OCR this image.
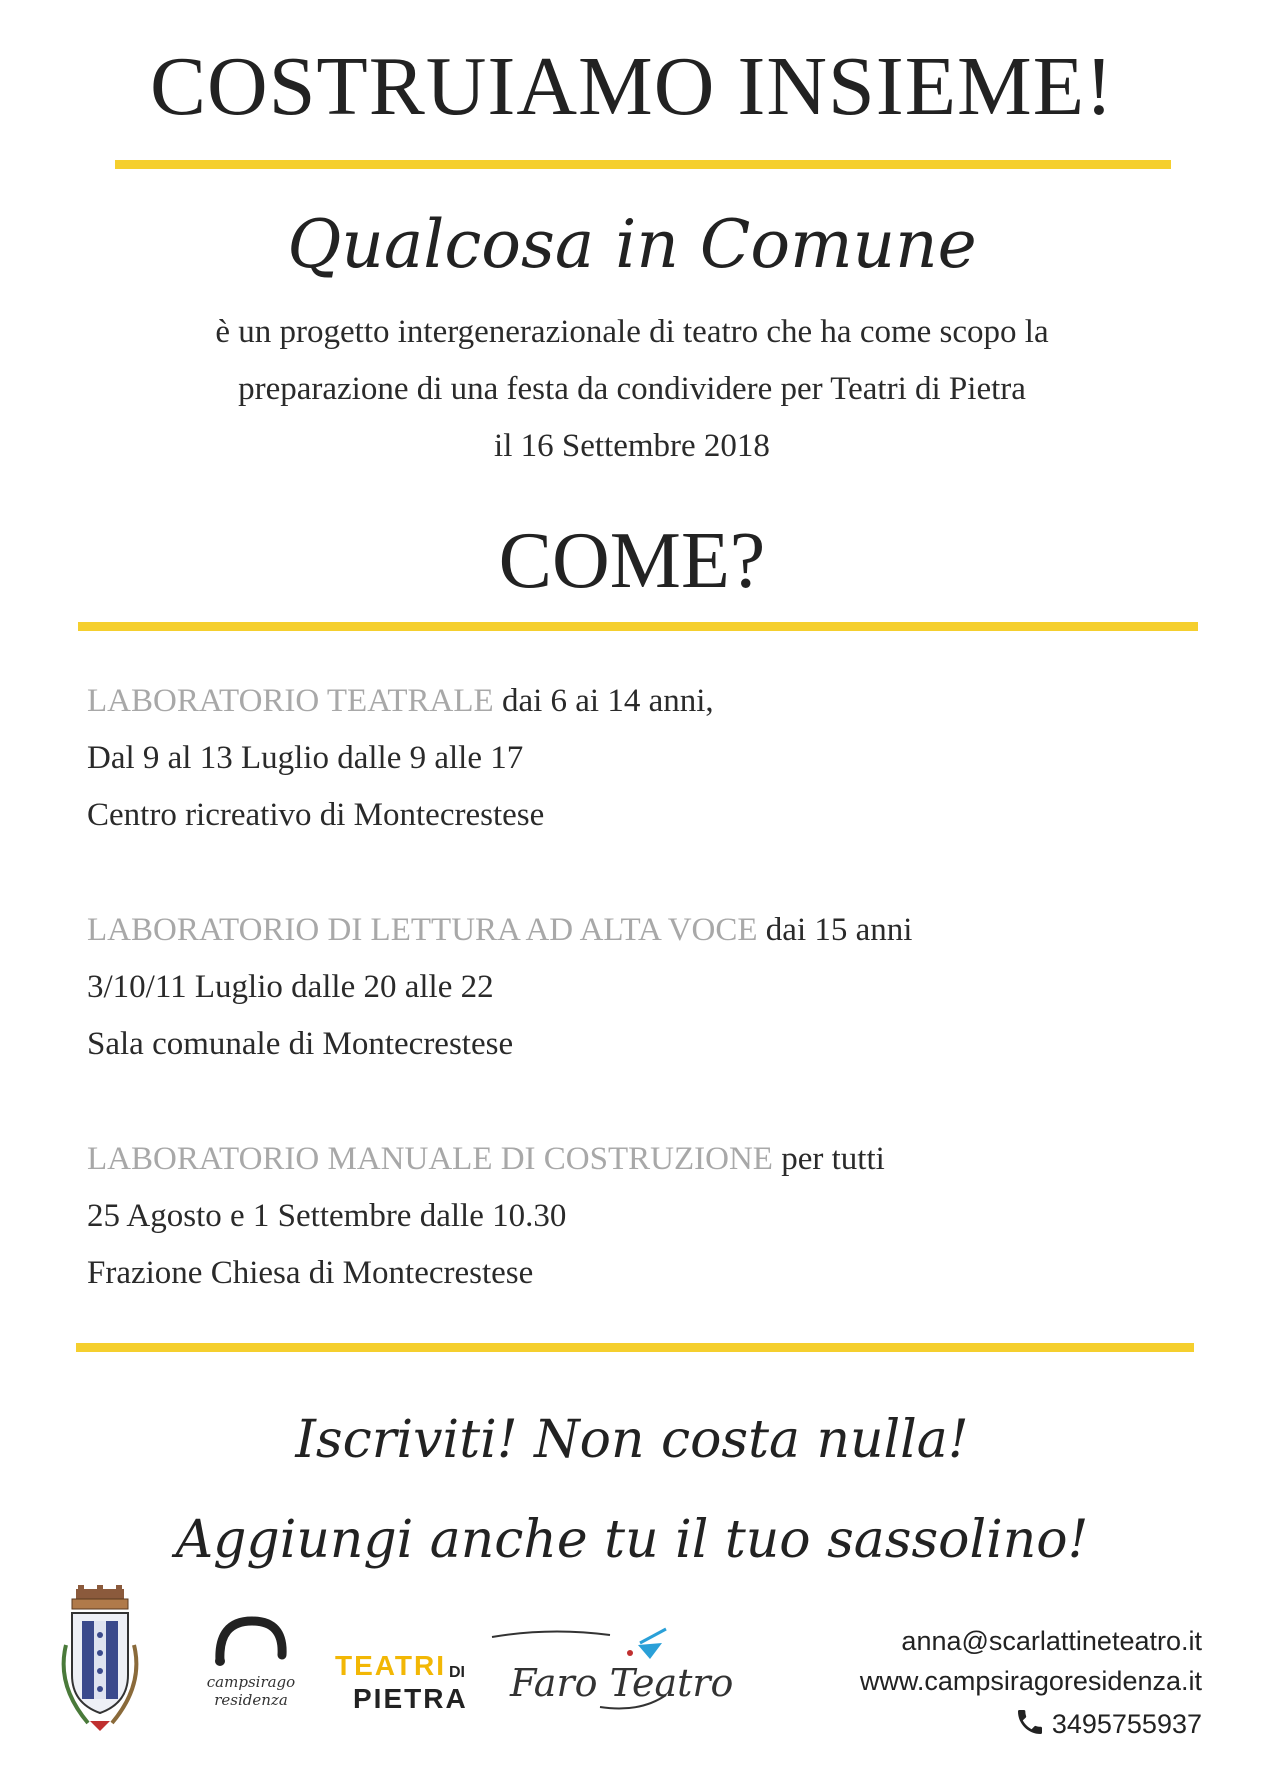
COSTRUIAMO INSIEME!
Qualcosa in Comune
è un progetto intergenerazionale di teatro che ha come scopo la
preparazione di una festa da condividere per Teatri di Pietra
il 16 Settembre 2018
COME?
LABORATORIO TEATRALE dai 6 ai 14 anni,
Dal 9 al 13 Luglio dalle 9 alle 17
Centro ricreativo di Montecrestese
LABORATORIO DI LETTURA AD ALTA VOCE dai 15 anni
3/10/11 Luglio dalle 20 alle 22
Sala comunale di Montecrestese
LABORATORIO MANUALE DI COSTRUZIONE per tutti
25 Agosto e 1 Settembre dalle 10.30
Frazione Chiesa di Montecrestese
Iscriviti! Non costa nulla!
Aggiungi anche tu il tuo sassolino!
campsirago
residenza
TEATRI DI
PIETRA Faro Teatro
anna@scarlattineteatro.it
www.campsiragoresidenza.it
3495755937
